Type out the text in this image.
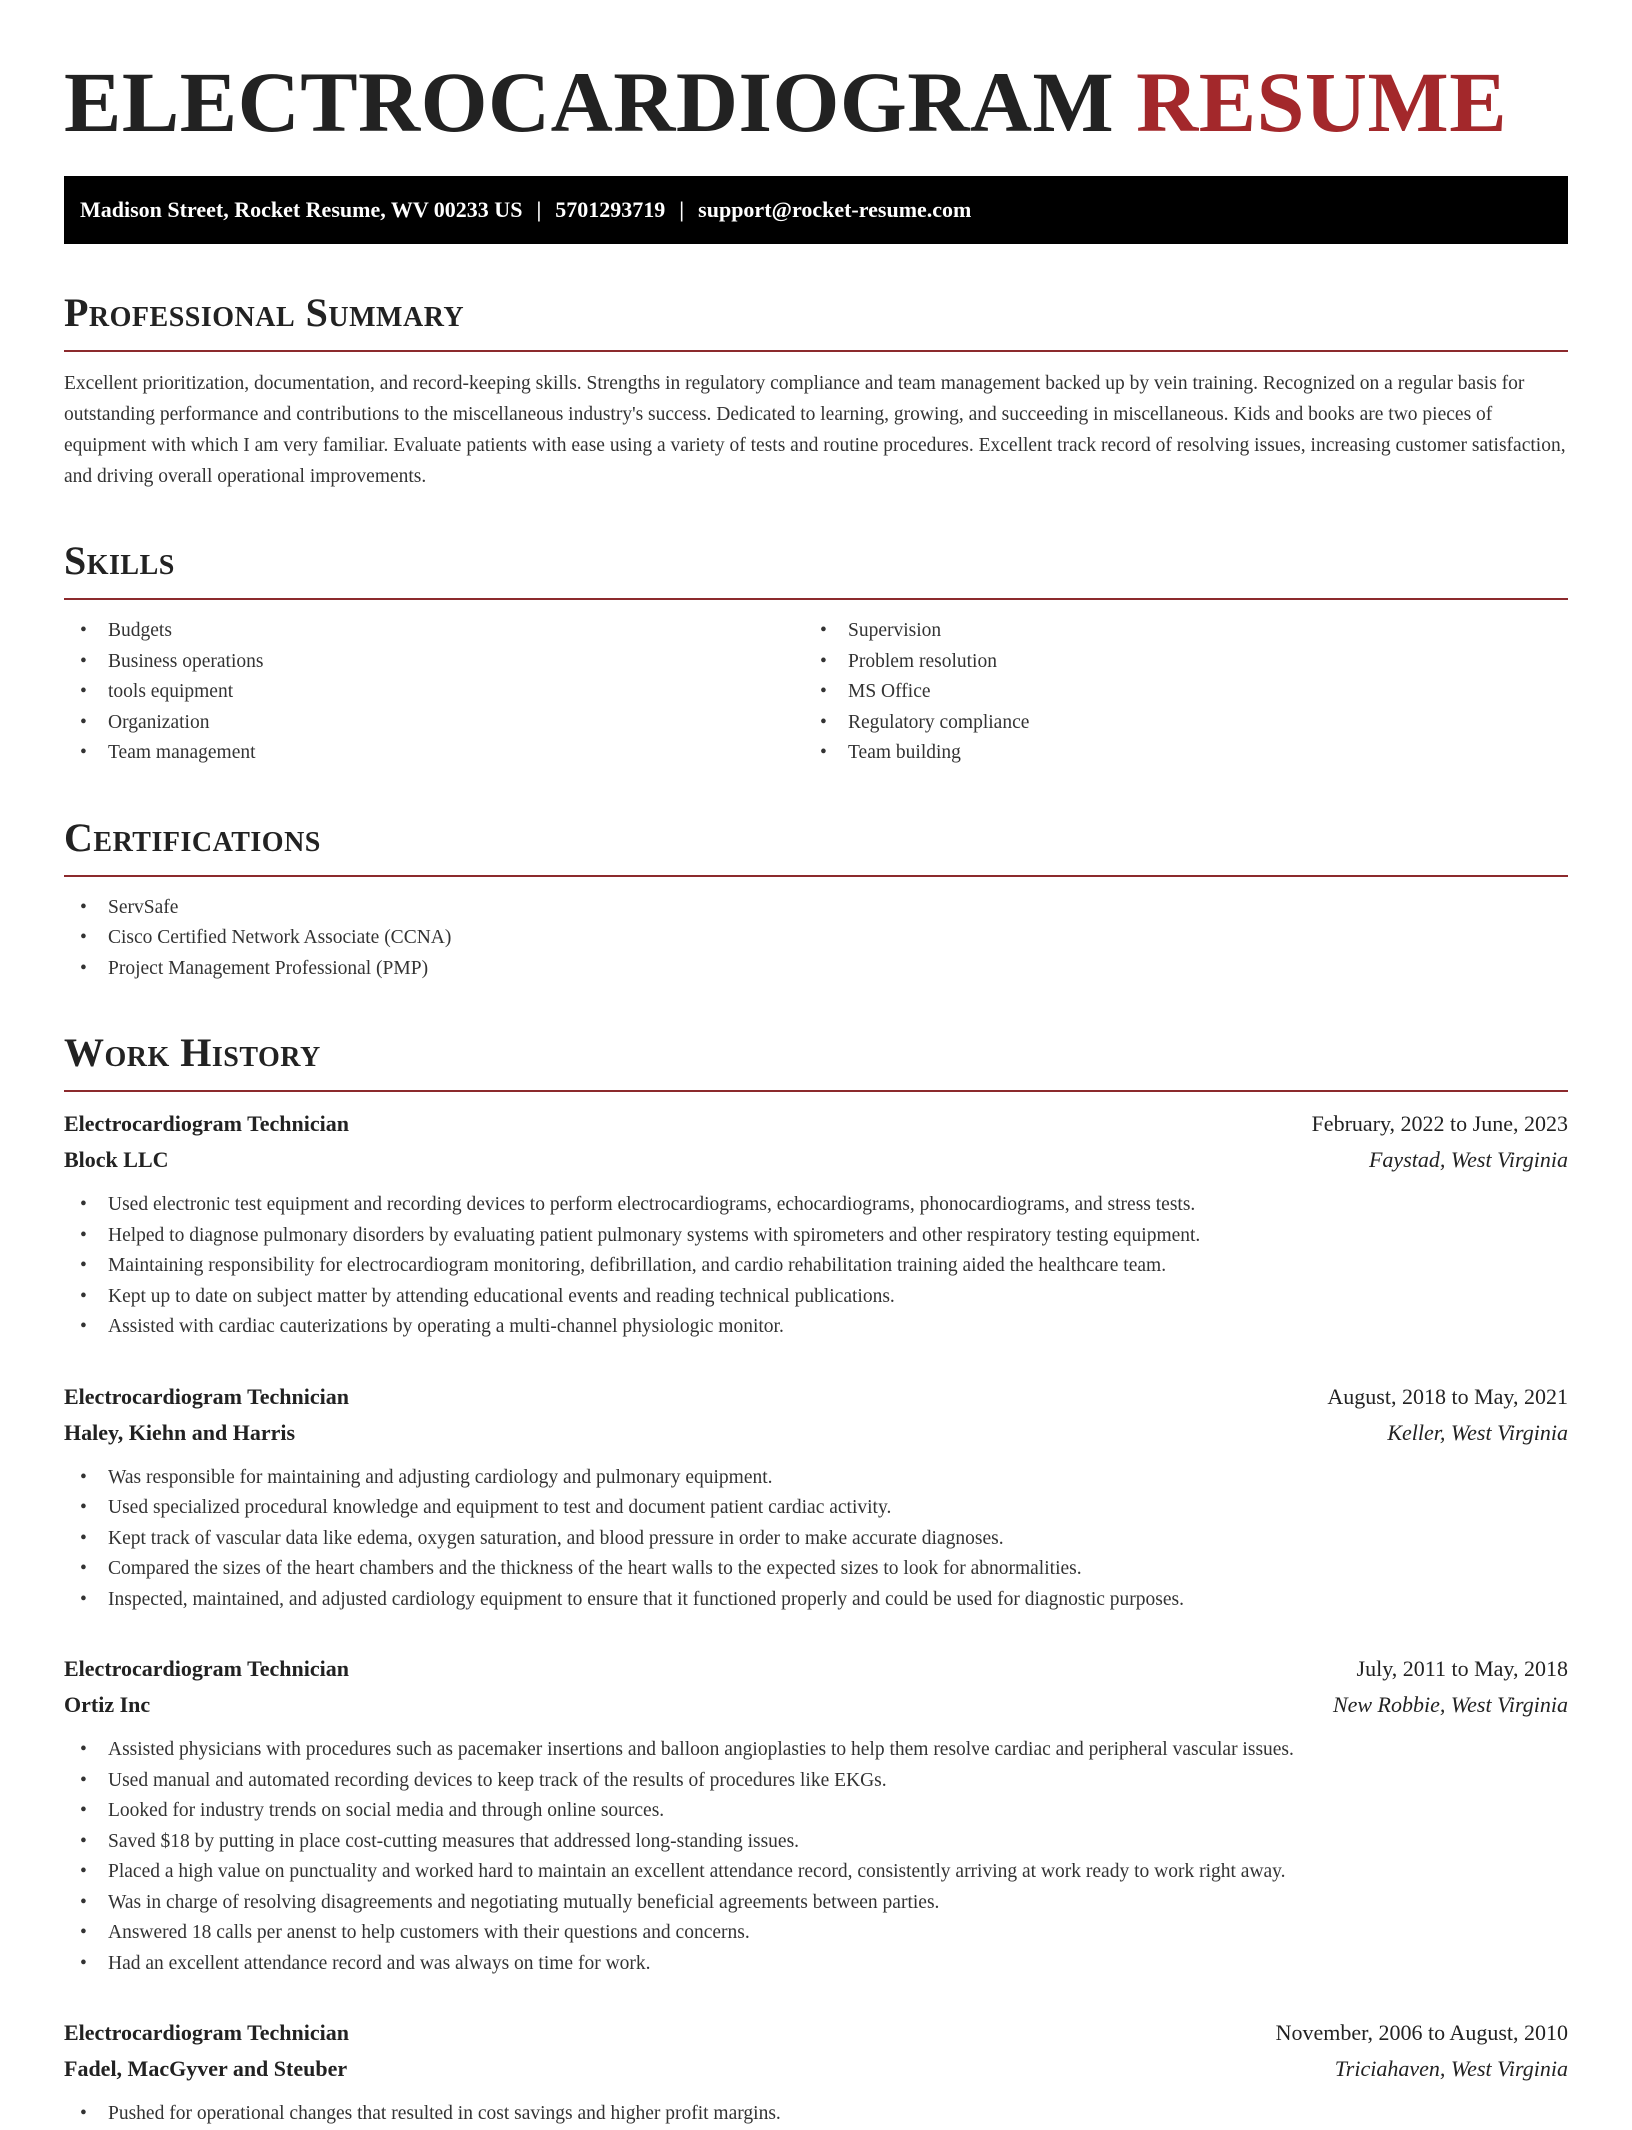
ELECTROCARDIOGRAM RESUME
Madison Street, Rocket Resume, WV 00233 US | 5701293719 | support@rocket-resume.com
Professional Summary

Excellent prioritization, documentation, and record-keeping skills. Strengths in regulatory compliance and team management backed up by vein training. Recognized on a regular basis for outstanding performance and contributions to the miscellaneous industry's success. Dedicated to learning, growing, and succeeding in miscellaneous. Kids and books are two pieces of equipment with which I am very familiar. Evaluate patients with ease using a variety of tests and routine procedures. Excellent track record of resolving issues, increasing customer satisfaction, and driving overall operational improvements.

Skills
• Budgets
• Business operations
• tools equipment
• Organization
• Team management
• Supervision
• Problem resolution
• MS Office
• Regulatory compliance
• Team building
Certifications
• ServSafe
• Cisco Certified Network Associate (CCNA)
• Project Management Professional (PMP)
Work History
Electrocardiogram Technician	February, 2022 to June, 2023
Block LLC	Faystad, West Virginia
• Used electronic test equipment and recording devices to perform electrocardiograms, echocardiograms, phonocardiograms, and stress tests.
• Helped to diagnose pulmonary disorders by evaluating patient pulmonary systems with spirometers and other respiratory testing equipment.
• Maintaining responsibility for electrocardiogram monitoring, defibrillation, and cardio rehabilitation training aided the healthcare team.
• Kept up to date on subject matter by attending educational events and reading technical publications.
• Assisted with cardiac cauterizations by operating a multi-channel physiologic monitor.
Electrocardiogram Technician	August, 2018 to May, 2021
Haley, Kiehn and Harris	Keller, West Virginia
• Was responsible for maintaining and adjusting cardiology and pulmonary equipment.
• Used specialized procedural knowledge and equipment to test and document patient cardiac activity.
• Kept track of vascular data like edema, oxygen saturation, and blood pressure in order to make accurate diagnoses.
• Compared the sizes of the heart chambers and the thickness of the heart walls to the expected sizes to look for abnormalities.
• Inspected, maintained, and adjusted cardiology equipment to ensure that it functioned properly and could be used for diagnostic purposes.
Electrocardiogram Technician	July, 2011 to May, 2018
Ortiz Inc	New Robbie, West Virginia
• Assisted physicians with procedures such as pacemaker insertions and balloon angioplasties to help them resolve cardiac and peripheral vascular issues.
• Used manual and automated recording devices to keep track of the results of procedures like EKGs.
• Looked for industry trends on social media and through online sources.
• Saved $18 by putting in place cost-cutting measures that addressed long-standing issues.
• Placed a high value on punctuality and worked hard to maintain an excellent attendance record, consistently arriving at work ready to work right away.
• Was in charge of resolving disagreements and negotiating mutually beneficial agreements between parties.
• Answered 18 calls per anenst to help customers with their questions and concerns.
• Had an excellent attendance record and was always on time for work.
Electrocardiogram Technician	November, 2006 to August, 2010
Fadel, MacGyver and Steuber	Triciahaven, West Virginia
• Pushed for operational changes that resulted in cost savings and higher profit margins.
